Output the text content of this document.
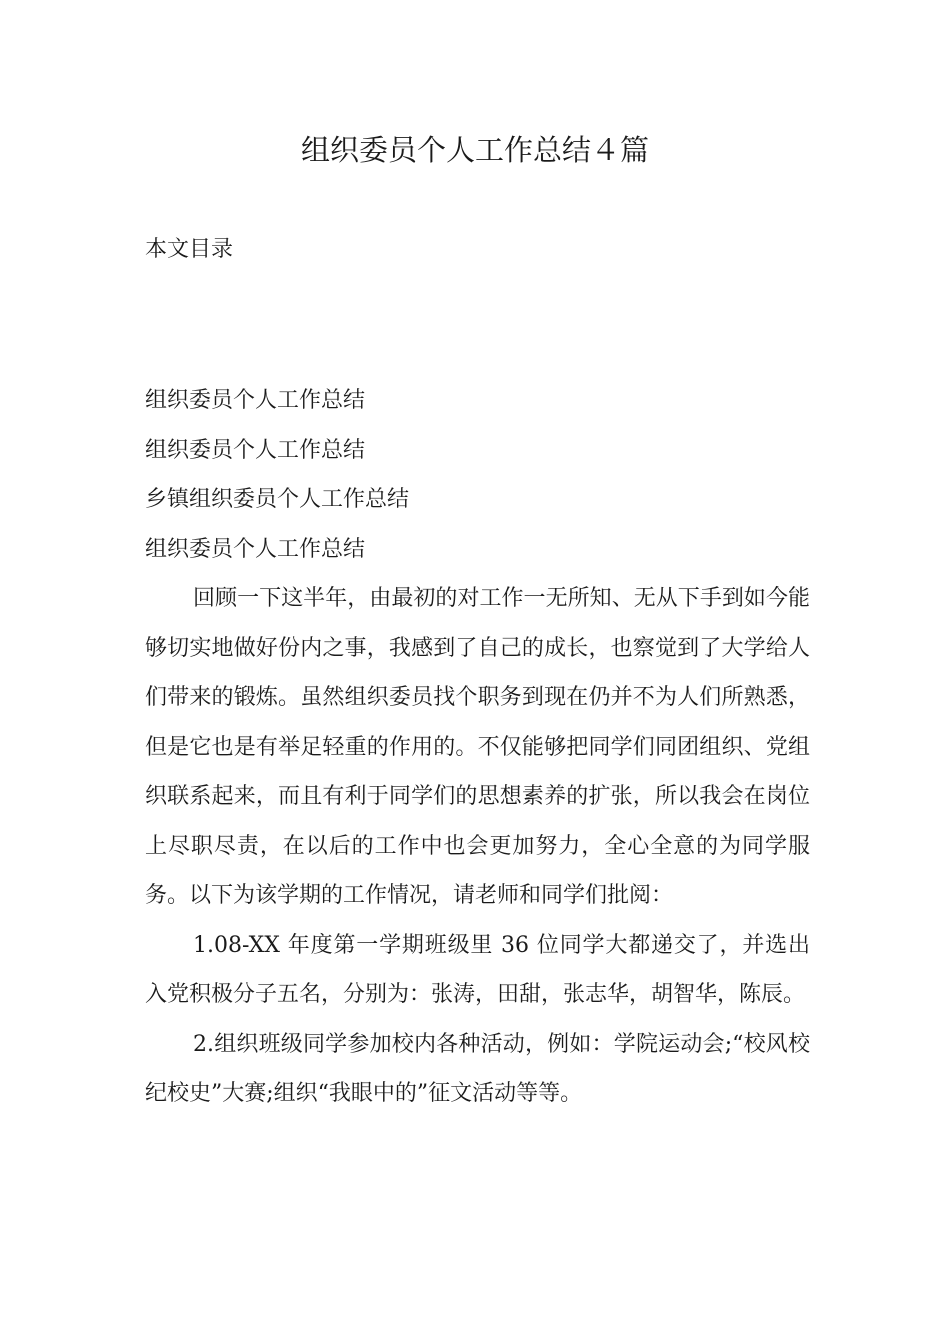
组织委员个人工作总结４篇
本文目录

组织委员个人工作总结

组织委员个人工作总结

乡镇组织委员个人工作总结

组织委员个人工作总结

回顾一下这半年，由最初的对工作一无所知、无从下手到如今能够切实地做好份内之事，我感到了自己的成长，也察觉到了大学给人们带来的锻炼。虽然组织委员找个职务到现在仍并不为人们所熟悉，但是它也是有举足轻重的作用的。不仅能够把同学们同团组织、党组织联系起来，而且有利于同学们的思想素养的扩张，所以我会在岗位上尽职尽责，在以后的工作中也会更加努力，全心全意的为同学服务。以下为该学期的工作情况，请老师和同学们批阅：

1.08-XX 年度第一学期班级里 36 位同学大都递交了，并选出入党积极分子五名，分别为：张涛，田甜，张志华，胡智华，陈辰。

2.组织班级同学参加校内各种活动，例如：学院运动会;“校风校纪校史”大赛;组织“我眼中的”征文活动等等。
